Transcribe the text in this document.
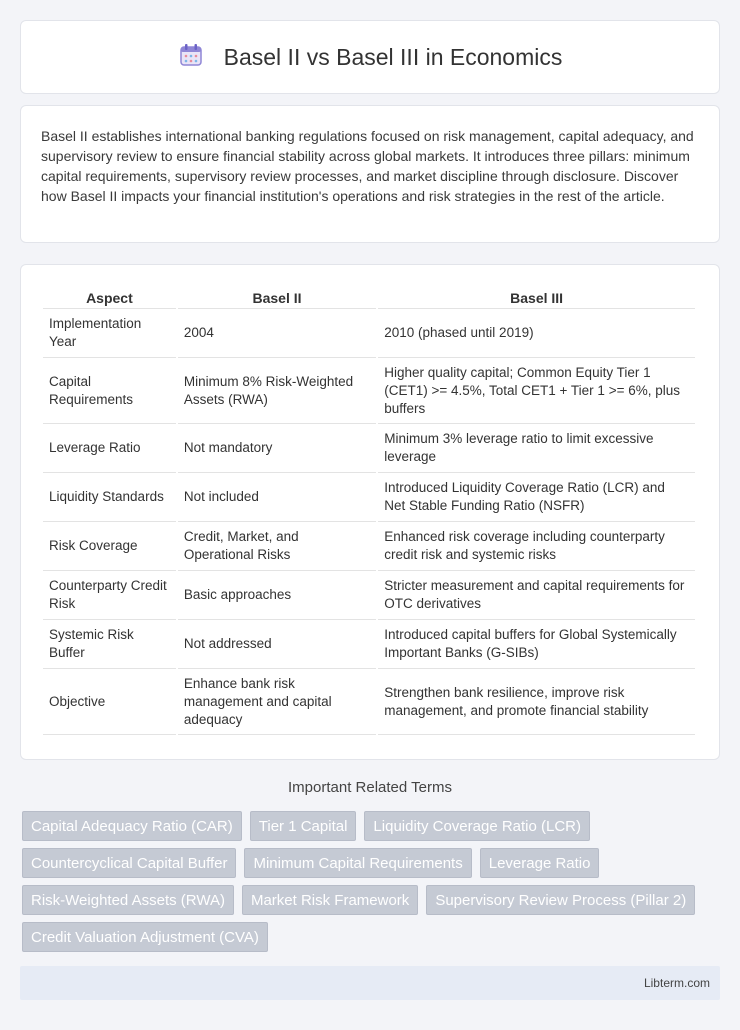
Basel II vs Basel III in Economics

Basel II establishes international banking regulations focused on risk management, capital adequacy, and supervisory review to ensure financial stability across global markets. It introduces three pillars: minimum capital requirements, supervisory review processes, and market discipline through disclosure. Discover how Basel II impacts your financial institution's operations and risk strategies in the rest of the article.

Aspect	Basel II	Basel III
Implementation Year	2004	2010 (phased until 2019)
Capital Requirements	Minimum 8% Risk-Weighted Assets (RWA)	Higher quality capital; Common Equity Tier 1 (CET1) >= 4.5%, Total CET1 + Tier 1 >= 6%, plus buffers
Leverage Ratio	Not mandatory	Minimum 3% leverage ratio to limit excessive leverage
Liquidity Standards	Not included	Introduced Liquidity Coverage Ratio (LCR) and Net Stable Funding Ratio (NSFR)
Risk Coverage	Credit, Market, and Operational Risks	Enhanced risk coverage including counterparty credit risk and systemic risks
Counterparty Credit Risk	Basic approaches	Stricter measurement and capital requirements for OTC derivatives
Systemic Risk Buffer	Not addressed	Introduced capital buffers for Global Systemically Important Banks (G-SIBs)
Objective	Enhance bank risk management and capital adequacy	Strengthen bank resilience, improve risk management, and promote financial stability
Important Related Terms
Capital Adequacy Ratio (CAR)	Tier 1 Capital	Liquidity Coverage Ratio (LCR)
Countercyclical Capital Buffer	Minimum Capital Requirements	Leverage Ratio
Risk-Weighted Assets (RWA)	Market Risk Framework	Supervisory Review Process (Pillar 2)
Credit Valuation Adjustment (CVA)
Libterm.com
